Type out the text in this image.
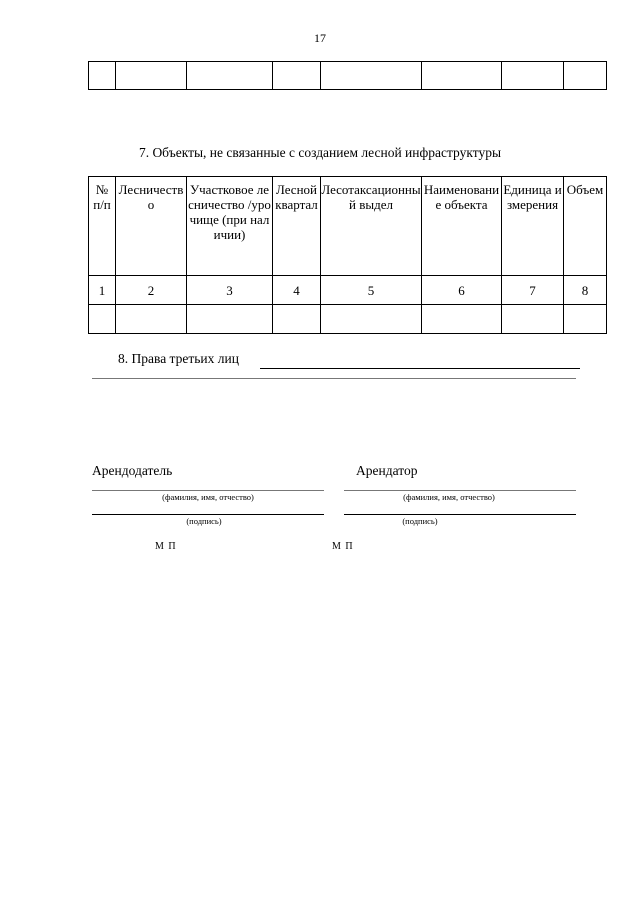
17

7. Объекты, не связанные с созданием лесной инфраструктуры
№ п/п	Лесничество	Участковое лесничество /урочище (при наличии)	Лесной квартал	Лесотаксационный выдел	Наименование объекта	Единица измерения	Объем

1	2	3	4	5	6	7	8

8. Права третьих лиц
Арендодатель
(фамилия, имя, отчество)
(подпись)
М П
Арендатор
(фамилия, имя, отчество)
(подпись)
М П
